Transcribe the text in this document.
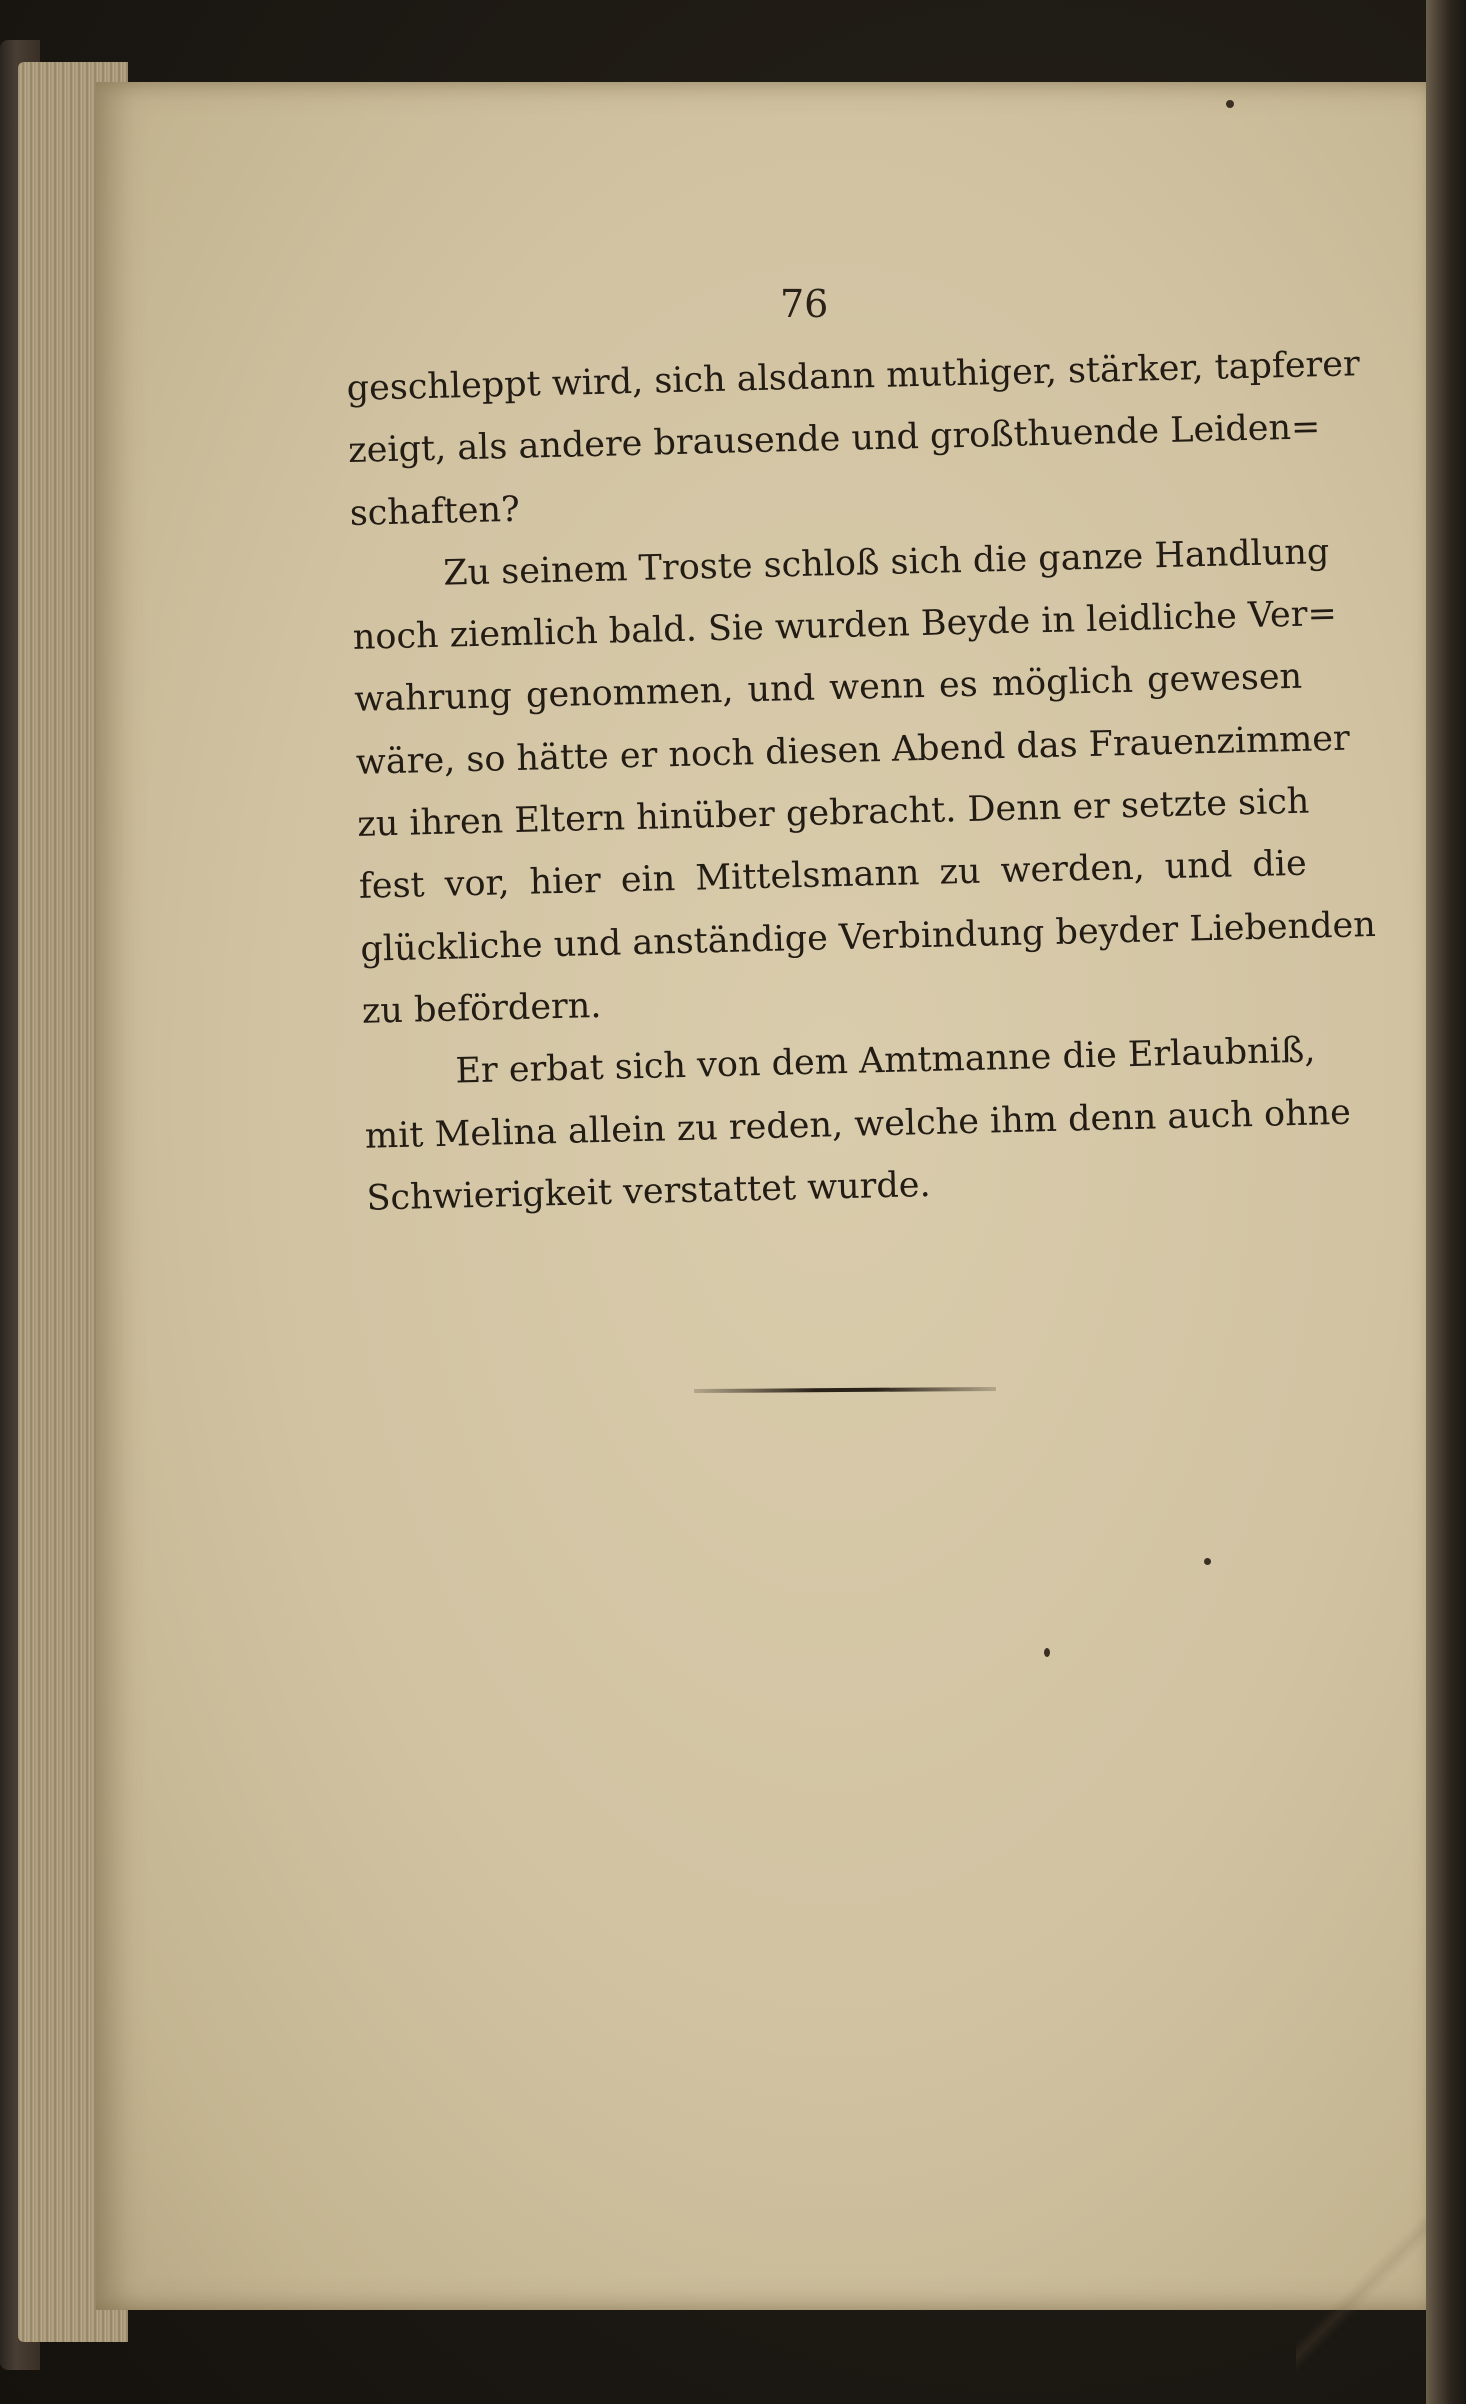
76

geschleppt wird, sich alsdann muthiger, stärker, tapferer
zeigt, als andere brausende und großthuende Leiden=
schaften?
Zu seinem Troste schloß sich die ganze Handlung
noch ziemlich bald. Sie wurden Beyde in leidliche Ver=
wahrung genommen, und wenn es möglich gewesen
wäre, so hätte er noch diesen Abend das Frauenzimmer
zu ihren Eltern hinüber gebracht. Denn er setzte sich
fest vor, hier ein Mittelsmann zu werden, und die
glückliche und anständige Verbindung beyder Liebenden
zu befördern.
Er erbat sich von dem Amtmanne die Erlaubniß,
mit Melina allein zu reden, welche ihm denn auch ohne
Schwierigkeit verstattet wurde.
